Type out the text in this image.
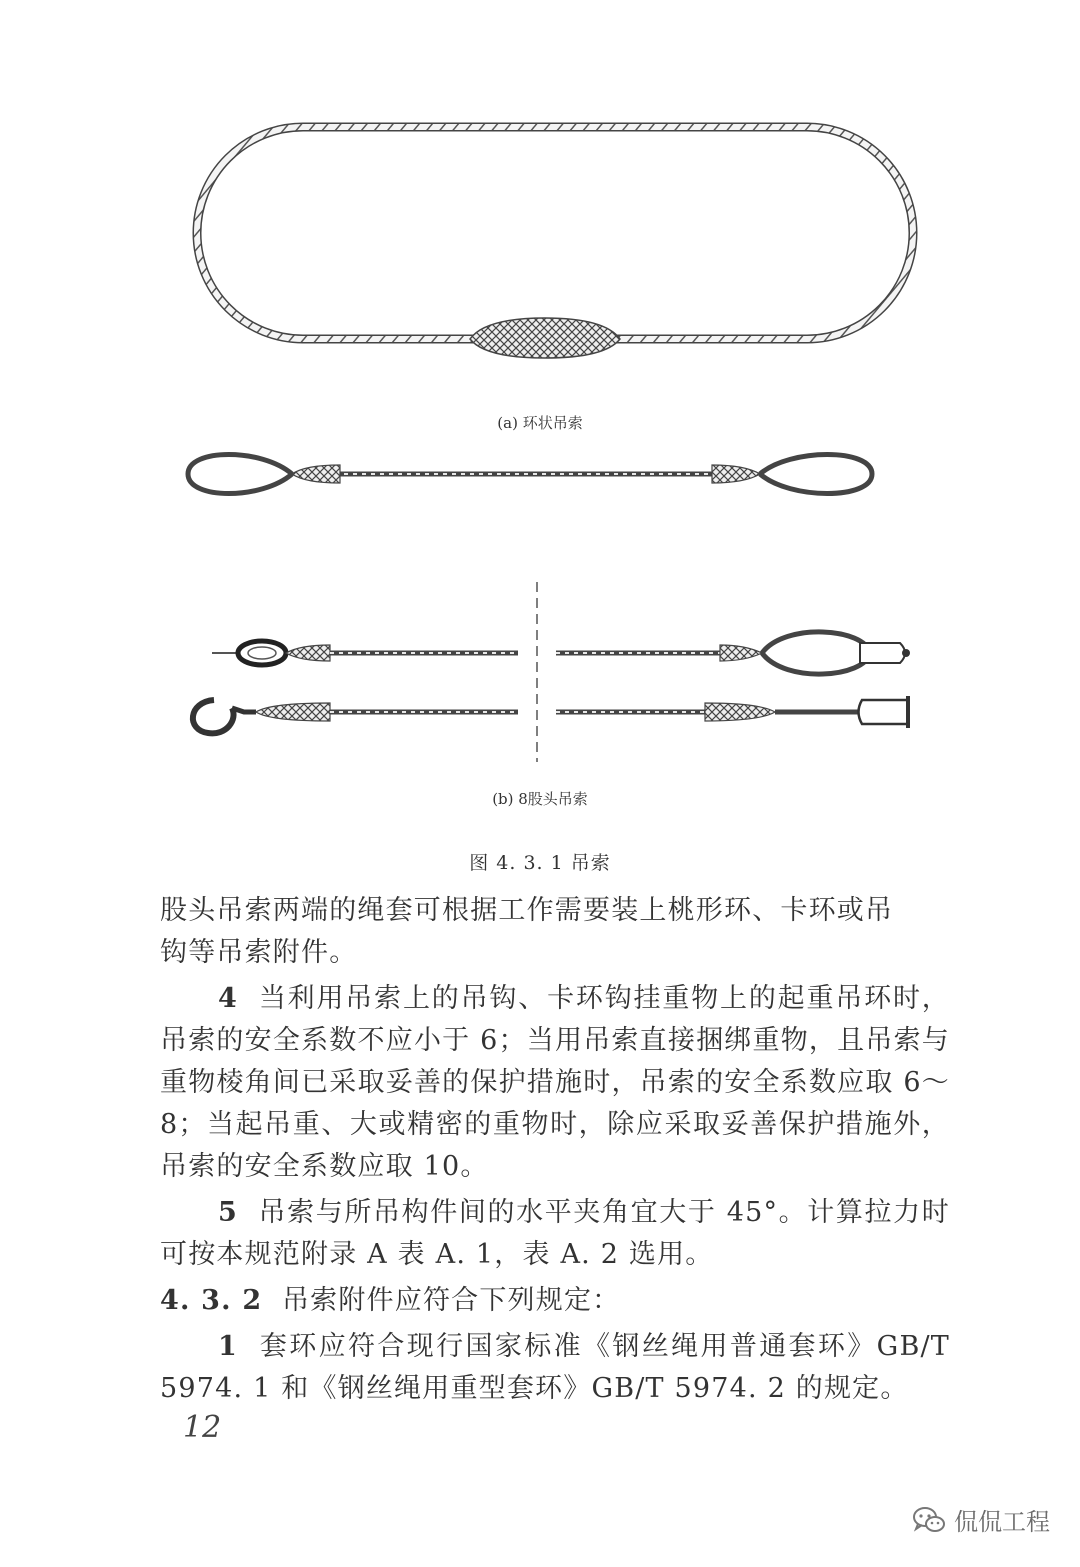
(a) 环状吊索
(b) 8股头吊索
图 4. 3. 1 吊索

股头吊索两端的绳套可根据工作需要装上桃形环、卡环或吊
钩等吊索附件。

4 当利用吊索上的吊钩、卡环钩挂重物上的起重吊环时，吊索的安全系数不应小于 6；当用吊索直接捆绑重物，且吊索与重物棱角间已采取妥善的保护措施时，吊索的安全系数应取 6～8；当起吊重、大或精密的重物时，除应采取妥善保护措施外，吊索的安全系数应取 10。

5 吊索与所吊构件间的水平夹角宜大于 45°。计算拉力时可按本规范附录 A 表 A. 1，表 A. 2 选用。

4. 3. 2 吊索附件应符合下列规定：

1 套环应符合现行国家标准《钢丝绳用普通套环》GB/T 5974. 1 和《钢丝绳用重型套环》GB/T 5974. 2 的规定。

12
侃侃工程
